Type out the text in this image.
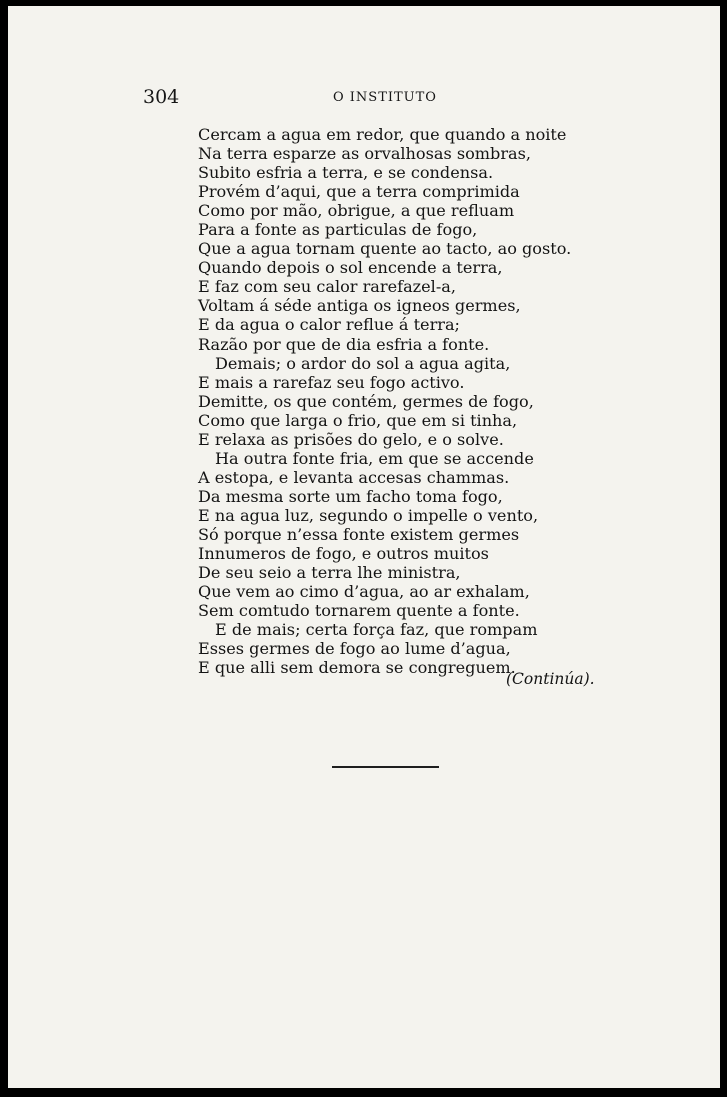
304	O INSTITUTO
Cercam a agua em redor, que quando a noite
Na terra esparze as orvalhosas sombras,
Subito esfria a terra, e se condensa.
Provém d’aqui, que a terra comprimida
Como por mão, obrigue, a que refluam
Para a fonte as particulas de fogo,
Que a agua tornam quente ao tacto, ao gosto.
Quando depois o sol encende a terra,
E faz com seu calor rarefazel-a,
Voltam á séde antiga os igneos germes,
E da agua o calor reflue á terra;
Razão por que de dia esfria a fonte.
Demais; o ardor do sol a agua agita,
E mais a rarefaz seu fogo activo.
Demitte, os que contém, germes de fogo,
Como que larga o frio, que em si tinha,
E relaxa as prisões do gelo, e o solve.
Ha outra fonte fria, em que se accende
A estopa, e levanta accesas chammas.
Da mesma sorte um facho toma fogo,
E na agua luz, segundo o impelle o vento,
Só porque n’essa fonte existem germes
Innumeros de fogo, e outros muitos
De seu seio a terra lhe ministra,
Que vem ao cimo d’agua, ao ar exhalam,
Sem comtudo tornarem quente a fonte.
E de mais; certa força faz, que rompam
Esses germes de fogo ao lume d’agua,
E que alli sem demora se congreguem.
(Continúa).
